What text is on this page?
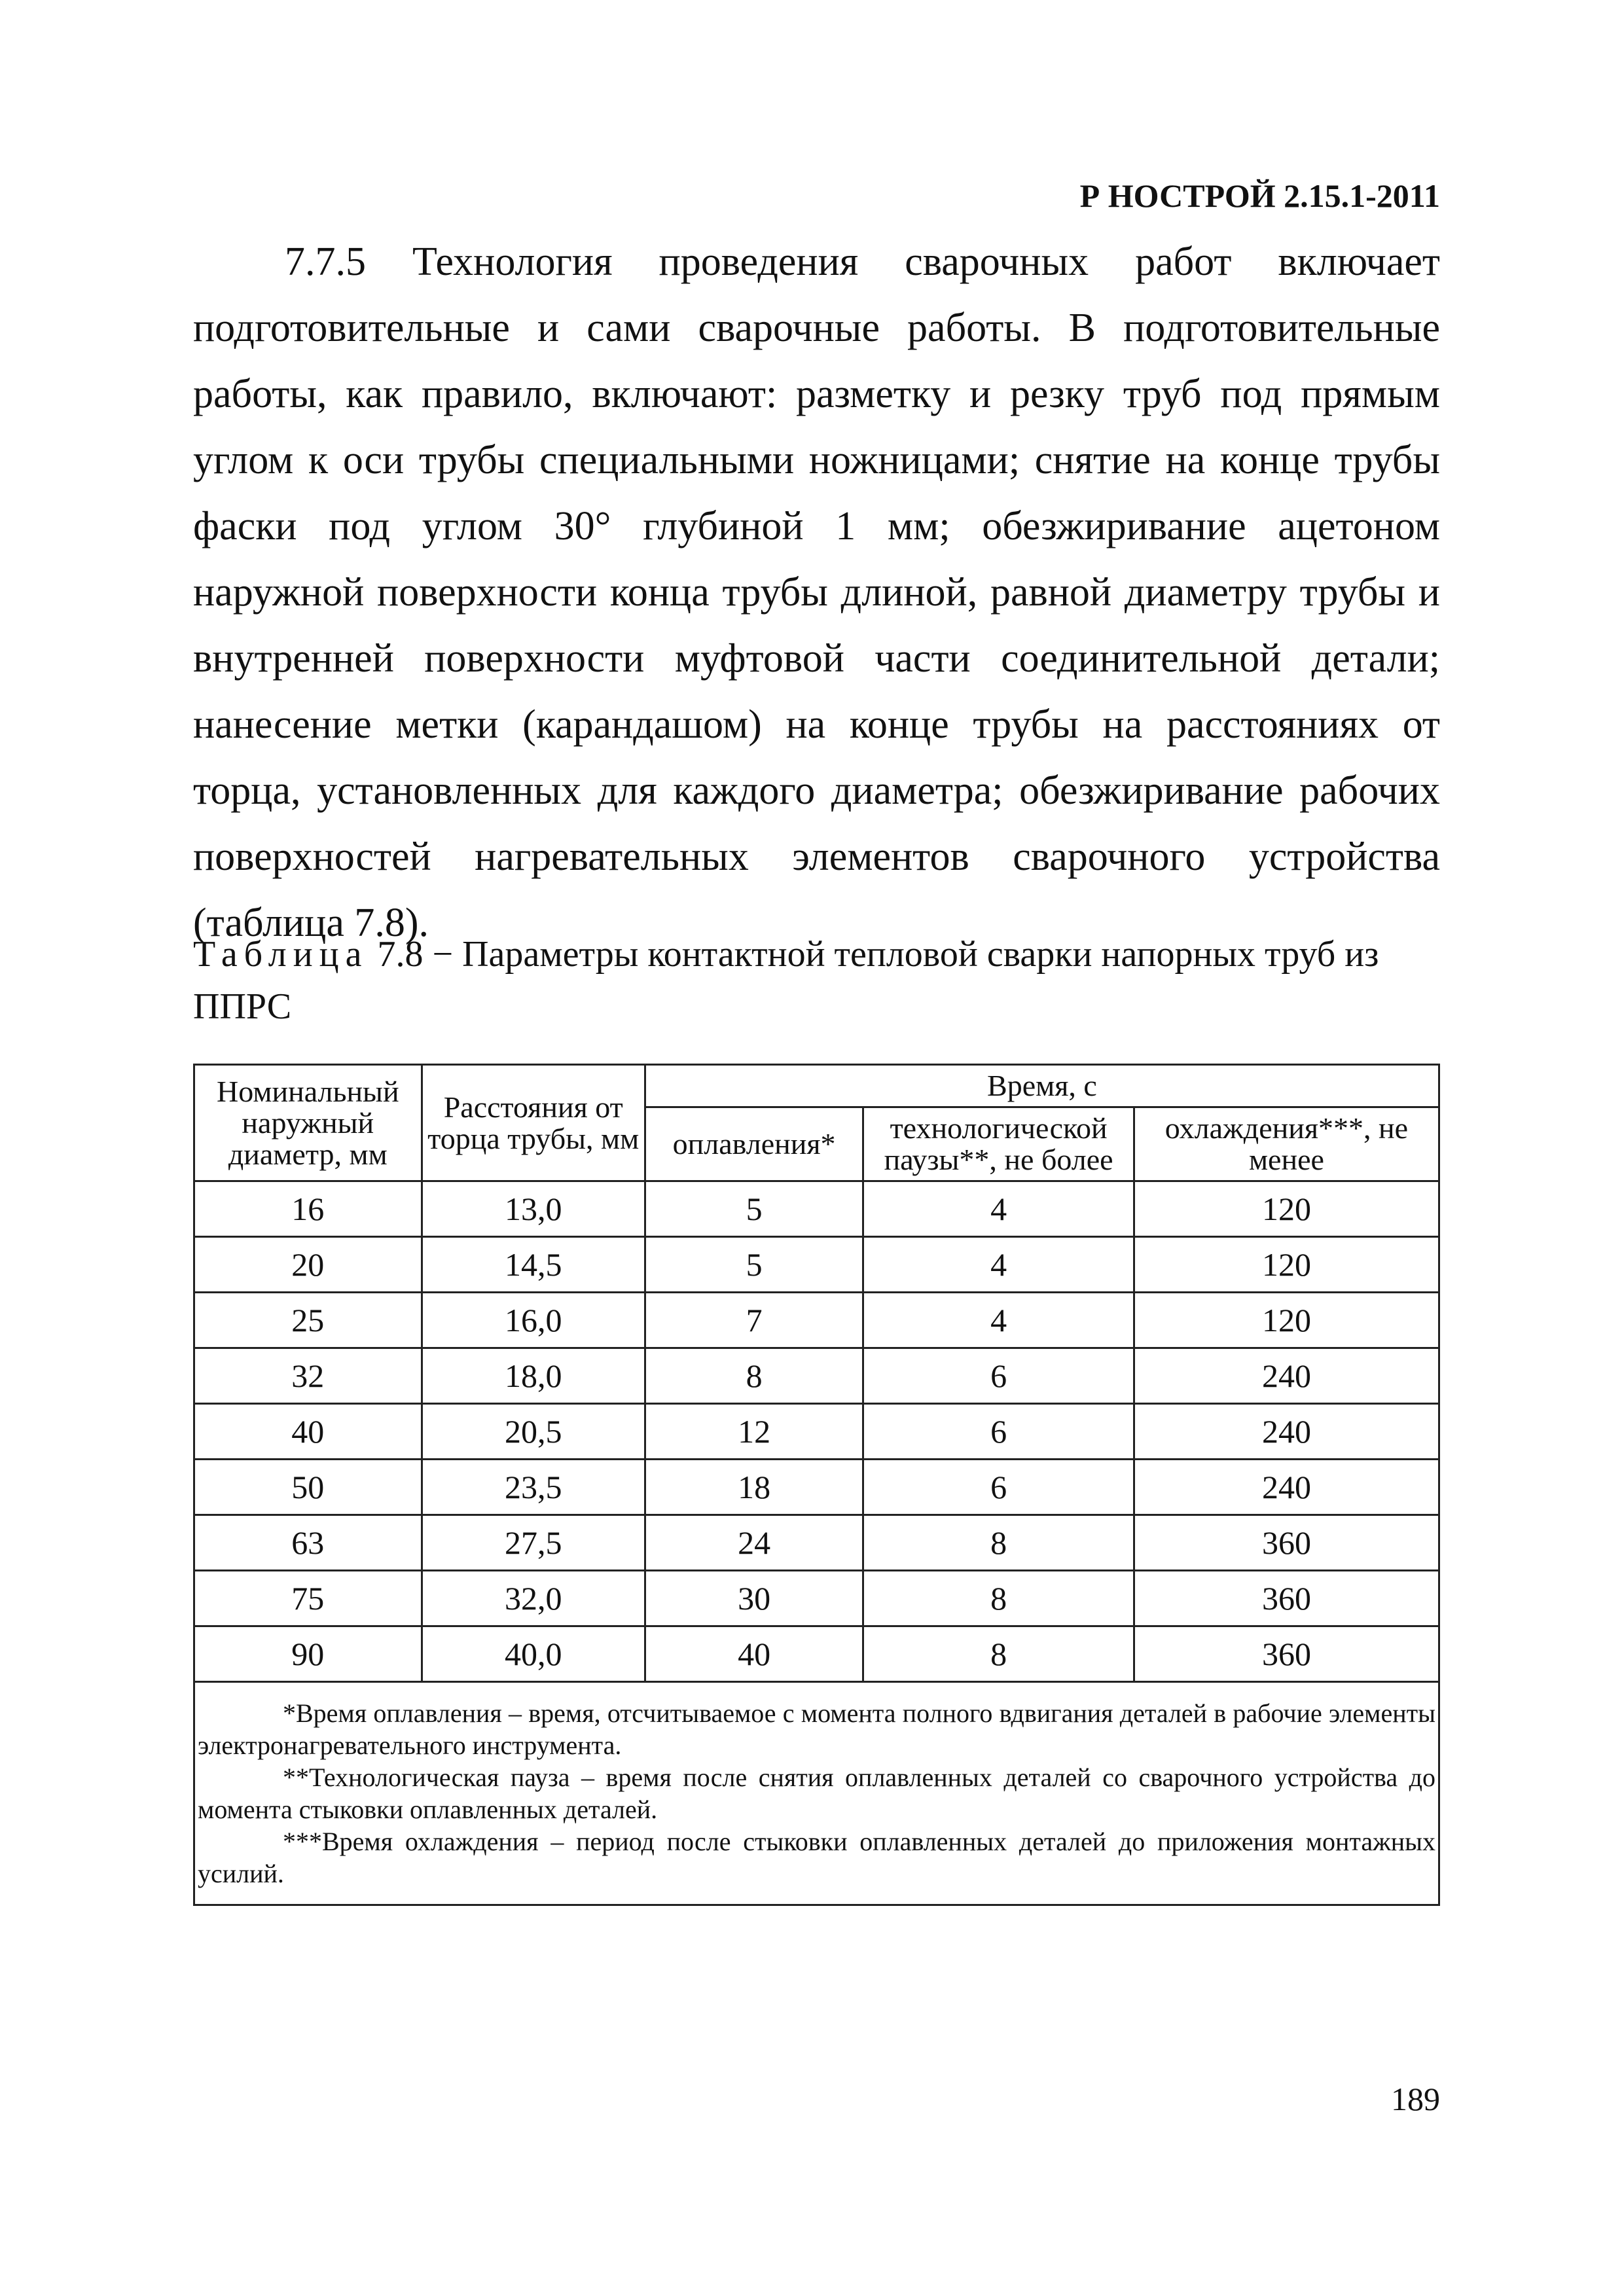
Р НОСТРОЙ 2.15.1-2011

7.7.5 Технология проведения сварочных работ включает подготовительные и сами сварочные работы. В подготовительные работы, как правило, включают: разметку и резку труб под прямым углом к оси трубы специальными ножницами; снятие на конце трубы фаски под углом 30° глубиной 1 мм; обезжиривание ацетоном наружной поверхности конца трубы длиной, равной диаметру трубы и внутренней поверхности муфтовой части соединительной детали; нанесение метки (карандашом) на конце трубы на расстояниях от торца, установленных для каждого диаметра; обезжиривание рабочих поверхностей нагревательных элементов сварочного устройства (таблица 7.8).

Таблица 7.8 − Параметры контактной тепловой сварки напорных труб из ППРС
Номинальный наружный диаметр, мм	Расстояния от торца трубы, мм	Время, с		
		оплавления*	технологической паузы**, не более	охлаждения***, не менее
16	13,0	5	4	120
20	14,5	5	4	120
25	16,0	7	4	120
32	18,0	8	6	240
40	20,5	12	6	240
50	23,5	18	6	240
63	27,5	24	8	360
75	32,0	30	8	360
90	40,0	40	8	360

*Время оплавления – время, отсчитываемое с момента полного вдвигания деталей в рабочие элементы электронагревательного инструмента.

**Технологическая пауза – время после снятия оплавленных деталей со сварочного устройства до момента стыковки оплавленных деталей.

***Время охлаждения – период после стыковки оплавленных деталей до приложения монтажных усилий.				

189
